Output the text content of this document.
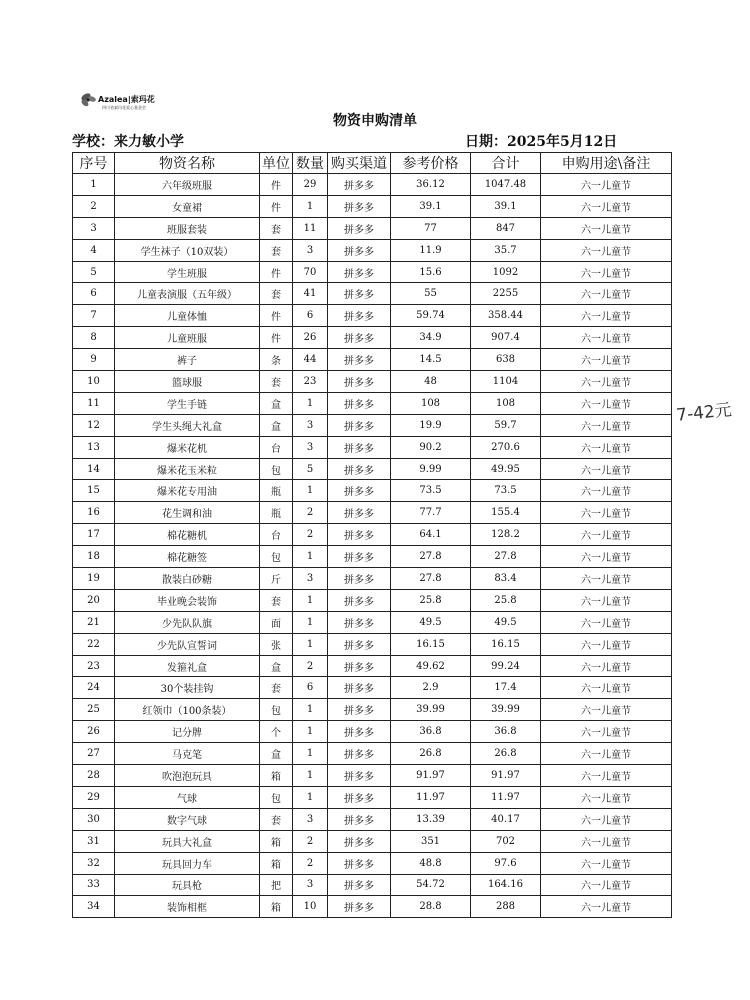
Azalea|索玛花
四川省索玛花爱心基金会
物资申购清单
学校：来力敏小学	日期：2025年5月12日
序号	物资名称	单位	数量	购买渠道	参考价格	合计	申购用途\备注
1	六年级班服	件	29	拼多多	36.12	1047.48	六一儿童节
2	女童裙	件	1	拼多多	39.1	39.1	六一儿童节
3	班服套装	套	11	拼多多	77	847	六一儿童节
4	学生袜子（10双装）	套	3	拼多多	11.9	35.7	六一儿童节
5	学生班服	件	70	拼多多	15.6	1092	六一儿童节
6	儿童表演服（五年级）	套	41	拼多多	55	2255	六一儿童节
7	儿童体恤	件	6	拼多多	59.74	358.44	六一儿童节
8	儿童班服	件	26	拼多多	34.9	907.4	六一儿童节
9	裤子	条	44	拼多多	14.5	638	六一儿童节
10	篮球服	套	23	拼多多	48	1104	六一儿童节
11	学生手链	盒	1	拼多多	108	108	六一儿童节
12	学生头绳大礼盒	盒	3	拼多多	19.9	59.7	六一儿童节
13	爆米花机	台	3	拼多多	90.2	270.6	六一儿童节
14	爆米花玉米粒	包	5	拼多多	9.99	49.95	六一儿童节
15	爆米花专用油	瓶	1	拼多多	73.5	73.5	六一儿童节
16	花生调和油	瓶	2	拼多多	77.7	155.4	六一儿童节
17	棉花糖机	台	2	拼多多	64.1	128.2	六一儿童节
18	棉花糖签	包	1	拼多多	27.8	27.8	六一儿童节
19	散装白砂糖	斤	3	拼多多	27.8	83.4	六一儿童节
20	毕业晚会装饰	套	1	拼多多	25.8	25.8	六一儿童节
21	少先队队旗	面	1	拼多多	49.5	49.5	六一儿童节
22	少先队宣誓词	张	1	拼多多	16.15	16.15	六一儿童节
23	发箍礼盒	盒	2	拼多多	49.62	99.24	六一儿童节
24	30个装挂钩	套	6	拼多多	2.9	17.4	六一儿童节
25	红领巾（100条装）	包	1	拼多多	39.99	39.99	六一儿童节
26	记分牌	个	1	拼多多	36.8	36.8	六一儿童节
27	马克笔	盒	1	拼多多	26.8	26.8	六一儿童节
28	吹泡泡玩具	箱	1	拼多多	91.97	91.97	六一儿童节
29	气球	包	1	拼多多	11.97	11.97	六一儿童节
30	数字气球	套	3	拼多多	13.39	40.17	六一儿童节
31	玩具大礼盒	箱	2	拼多多	351	702	六一儿童节
32	玩具回力车	箱	2	拼多多	48.8	97.6	六一儿童节
33	玩具枪	把	3	拼多多	54.72	164.16	六一儿童节
34	装饰相框	箱	10	拼多多	28.8	288	六一儿童节
7-42元
